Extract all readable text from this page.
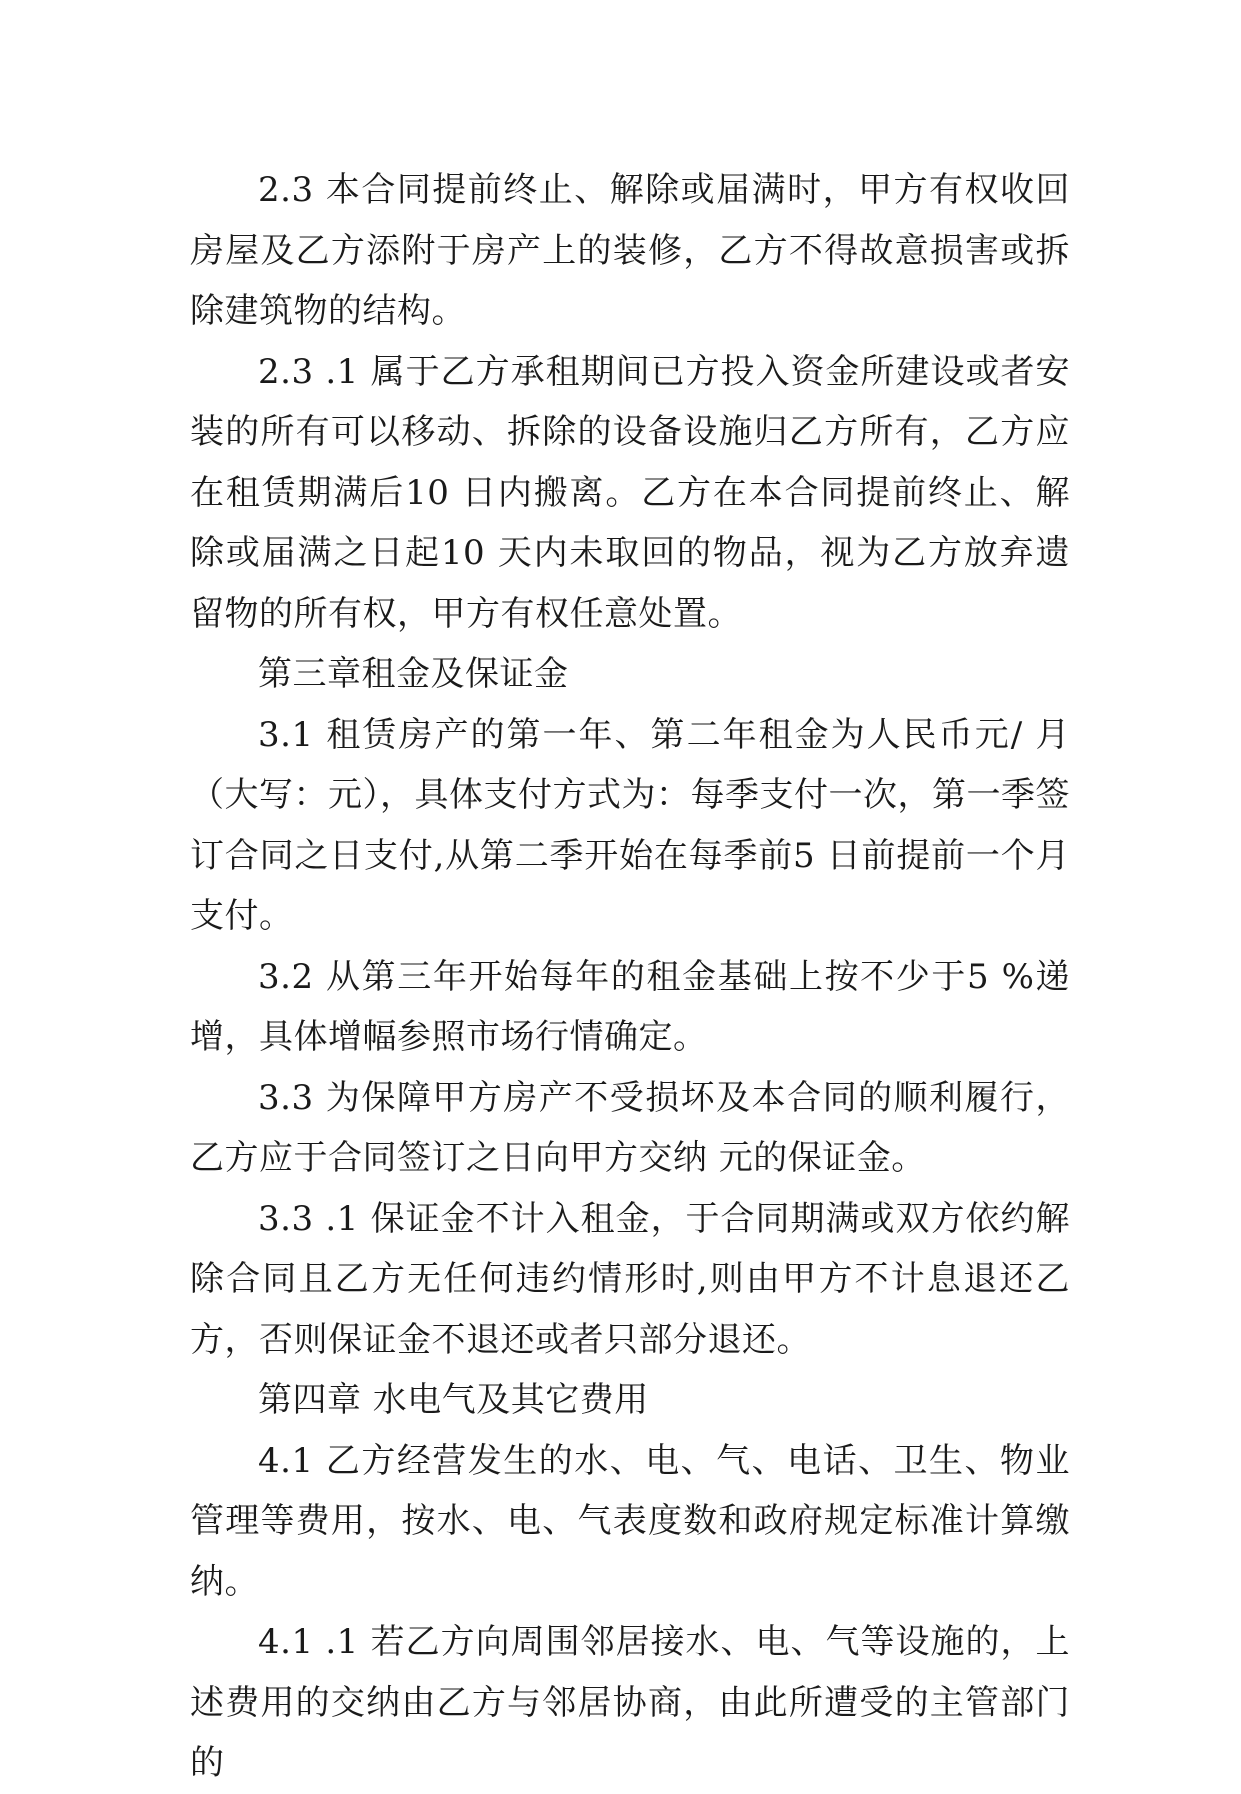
2.3 本合同提前终止、解除或届满时，甲方有权收回房屋及乙方添附于房产上的装修，乙方不得故意损害或拆除建筑物的结构。

2.3 .1 属于乙方承租期间已方投入资金所建设或者安装的所有可以移动、拆除的设备设施归乙方所有，乙方应在租赁期满后10 日内搬离。乙方在本合同提前终止、解除或届满之日起10 天内未取回的物品，视为乙方放弃遗留物的所有权，甲方有权任意处置。

第三章租金及保证金

3.1 租赁房产的第一年、第二年租金为人民币元/ 月（大写：元），具体支付方式为：每季支付一次，第一季签订合同之日支付,从第二季开始在每季前5 日前提前一个月支付。

3.2 从第三年开始每年的租金基础上按不少于5 %递增，具体增幅参照市场行情确定。

3.3 为保障甲方房产不受损坏及本合同的顺利履行，乙方应于合同签订之日向甲方交纳 元的保证金。

3.3 .1 保证金不计入租金，于合同期满或双方依约解除合同且乙方无任何违约情形时,则由甲方不计息退还乙方，否则保证金不退还或者只部分退还。

第四章 水电气及其它费用

4.1 乙方经营发生的水、电、气、电话、卫生、物业管理等费用，按水、电、气表度数和政府规定标准计算缴纳。

4.1 .1 若乙方向周围邻居接水、电、气等设施的，上述费用的交纳由乙方与邻居协商，由此所遭受的主管部门的
